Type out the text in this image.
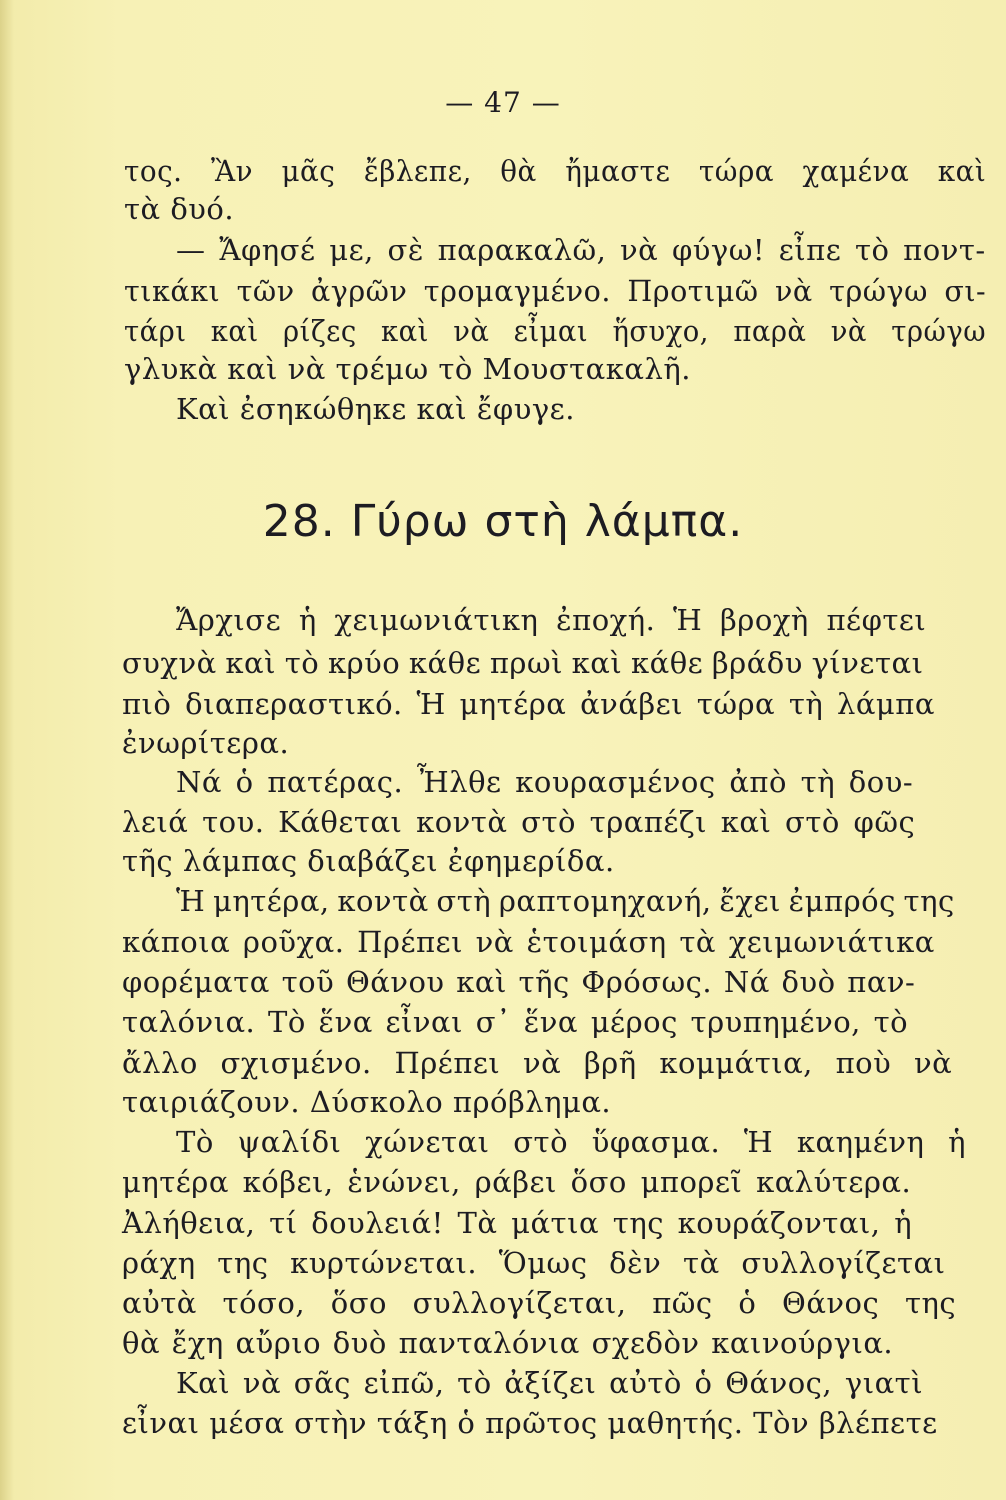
— 47 —
τος. Ἂν μᾶς ἔβλεπε, θὰ ἤμαστε τώρα χαμένα καὶ
τὰ δυό.
— Ἄφησέ με, σὲ παρακαλῶ, νὰ φύγω! εἶπε τὸ ποντ-
τικάκι τῶν ἀγρῶν τρομαγμένο. Προτιμῶ νὰ τρώγω σι-
τάρι καὶ ρίζες καὶ νὰ εἶμαι ἥσυχο, παρὰ νὰ τρώγω
γλυκὰ καὶ νὰ τρέμω τὸ Μουστακαλῆ.
Καὶ ἐσηκώθηκε καὶ ἔφυγε.
28. Γύρω στὴ λάμπα.
Ἄρχισε ἡ χειμωνιάτικη ἐποχή. Ἡ βροχὴ πέφτει
συχνὰ καὶ τὸ κρύο κάθε πρωὶ καὶ κάθε βράδυ γίνεται
πιὸ διαπεραστικό. Ἡ μητέρα ἀνάβει τώρα τὴ λάμπα
ἐνωρίτερα.
Νά ὁ πατέρας. Ἦλθε κουρασμένος ἀπὸ τὴ δου-
λειά του. Κάθεται κοντὰ στὸ τραπέζι καὶ στὸ φῶς
τῆς λάμπας διαβάζει ἐφημερίδα.
Ἡ μητέρα, κοντὰ στὴ ραπτομηχανή, ἔχει ἐμπρός της
κάποια ροῦχα. Πρέπει νὰ ἑτοιμάση τὰ χειμωνιάτικα
φορέματα τοῦ Θάνου καὶ τῆς Φρόσως. Νά δυὸ παν-
ταλόνια. Τὸ ἕνα εἶναι σ᾿ ἕνα μέρος τρυπημένο, τὸ
ἄλλο σχισμένο. Πρέπει νὰ βρῆ κομμάτια, ποὺ νὰ
ταιριάζουν. Δύσκολο πρόβλημα.
Τὸ ψαλίδι χώνεται στὸ ὕφασμα. Ἡ καημένη ἡ
μητέρα κόβει, ἑνώνει, ράβει ὅσο μπορεῖ καλύτερα.
Ἀλήθεια, τί δουλειά! Τὰ μάτια της κουράζονται, ἡ
ράχη της κυρτώνεται. Ὅμως δὲν τὰ συλλογίζεται
αὐτὰ τόσο, ὅσο συλλογίζεται, πῶς ὁ Θάνος της
θὰ ἔχη αὔριο δυὸ πανταλόνια σχεδὸν καινούργια.
Καὶ νὰ σᾶς εἰπῶ, τὸ ἀξίζει αὐτὸ ὁ Θάνος, γιατὶ
εἶναι μέσα στὴν τάξη ὁ πρῶτος μαθητής. Τὸν βλέπετε
